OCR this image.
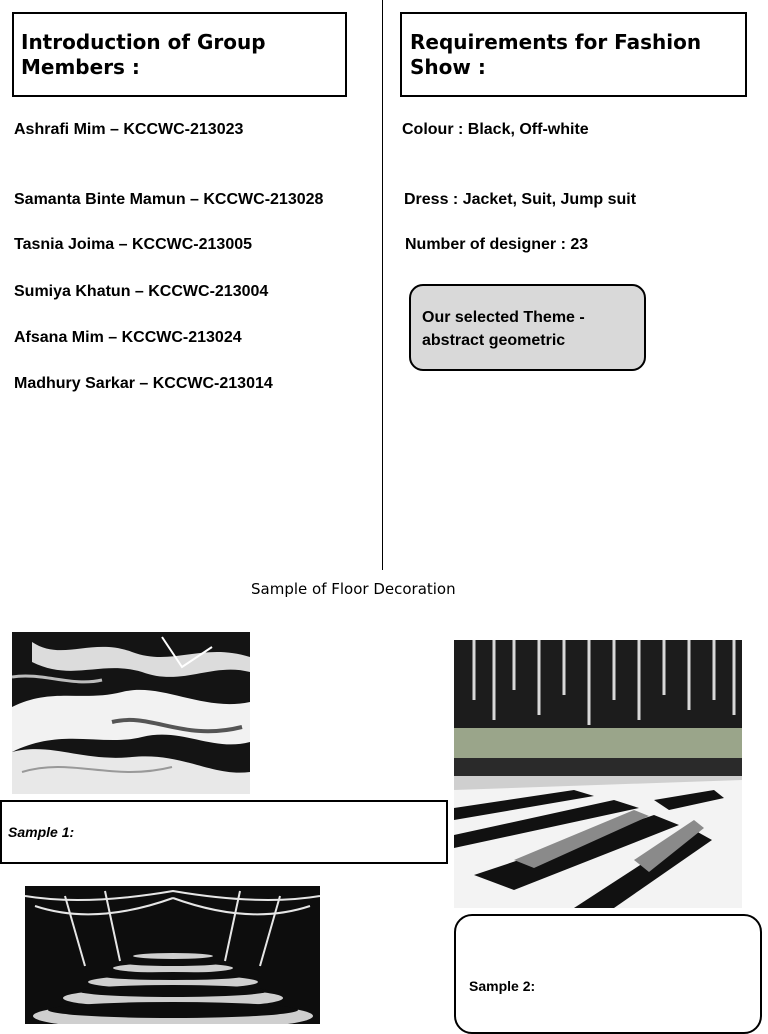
Introduction of Group
Members :
Ashrafi Mim – KCCWC-213023
Samanta Binte Mamun – KCCWC-213028
Tasnia Joima – KCCWC-213005
Sumiya Khatun – KCCWC-213004
Afsana Mim – KCCWC-213024
Madhury Sarkar – KCCWC-213014
Requirements for Fashion
Show :
Colour : Black, Off-white
Dress : Jacket, Suit, Jump suit
Number of designer : 23
Our selected Theme -
abstract geometric
Sample of Floor Decoration
Sample 1:
Sample 2:
